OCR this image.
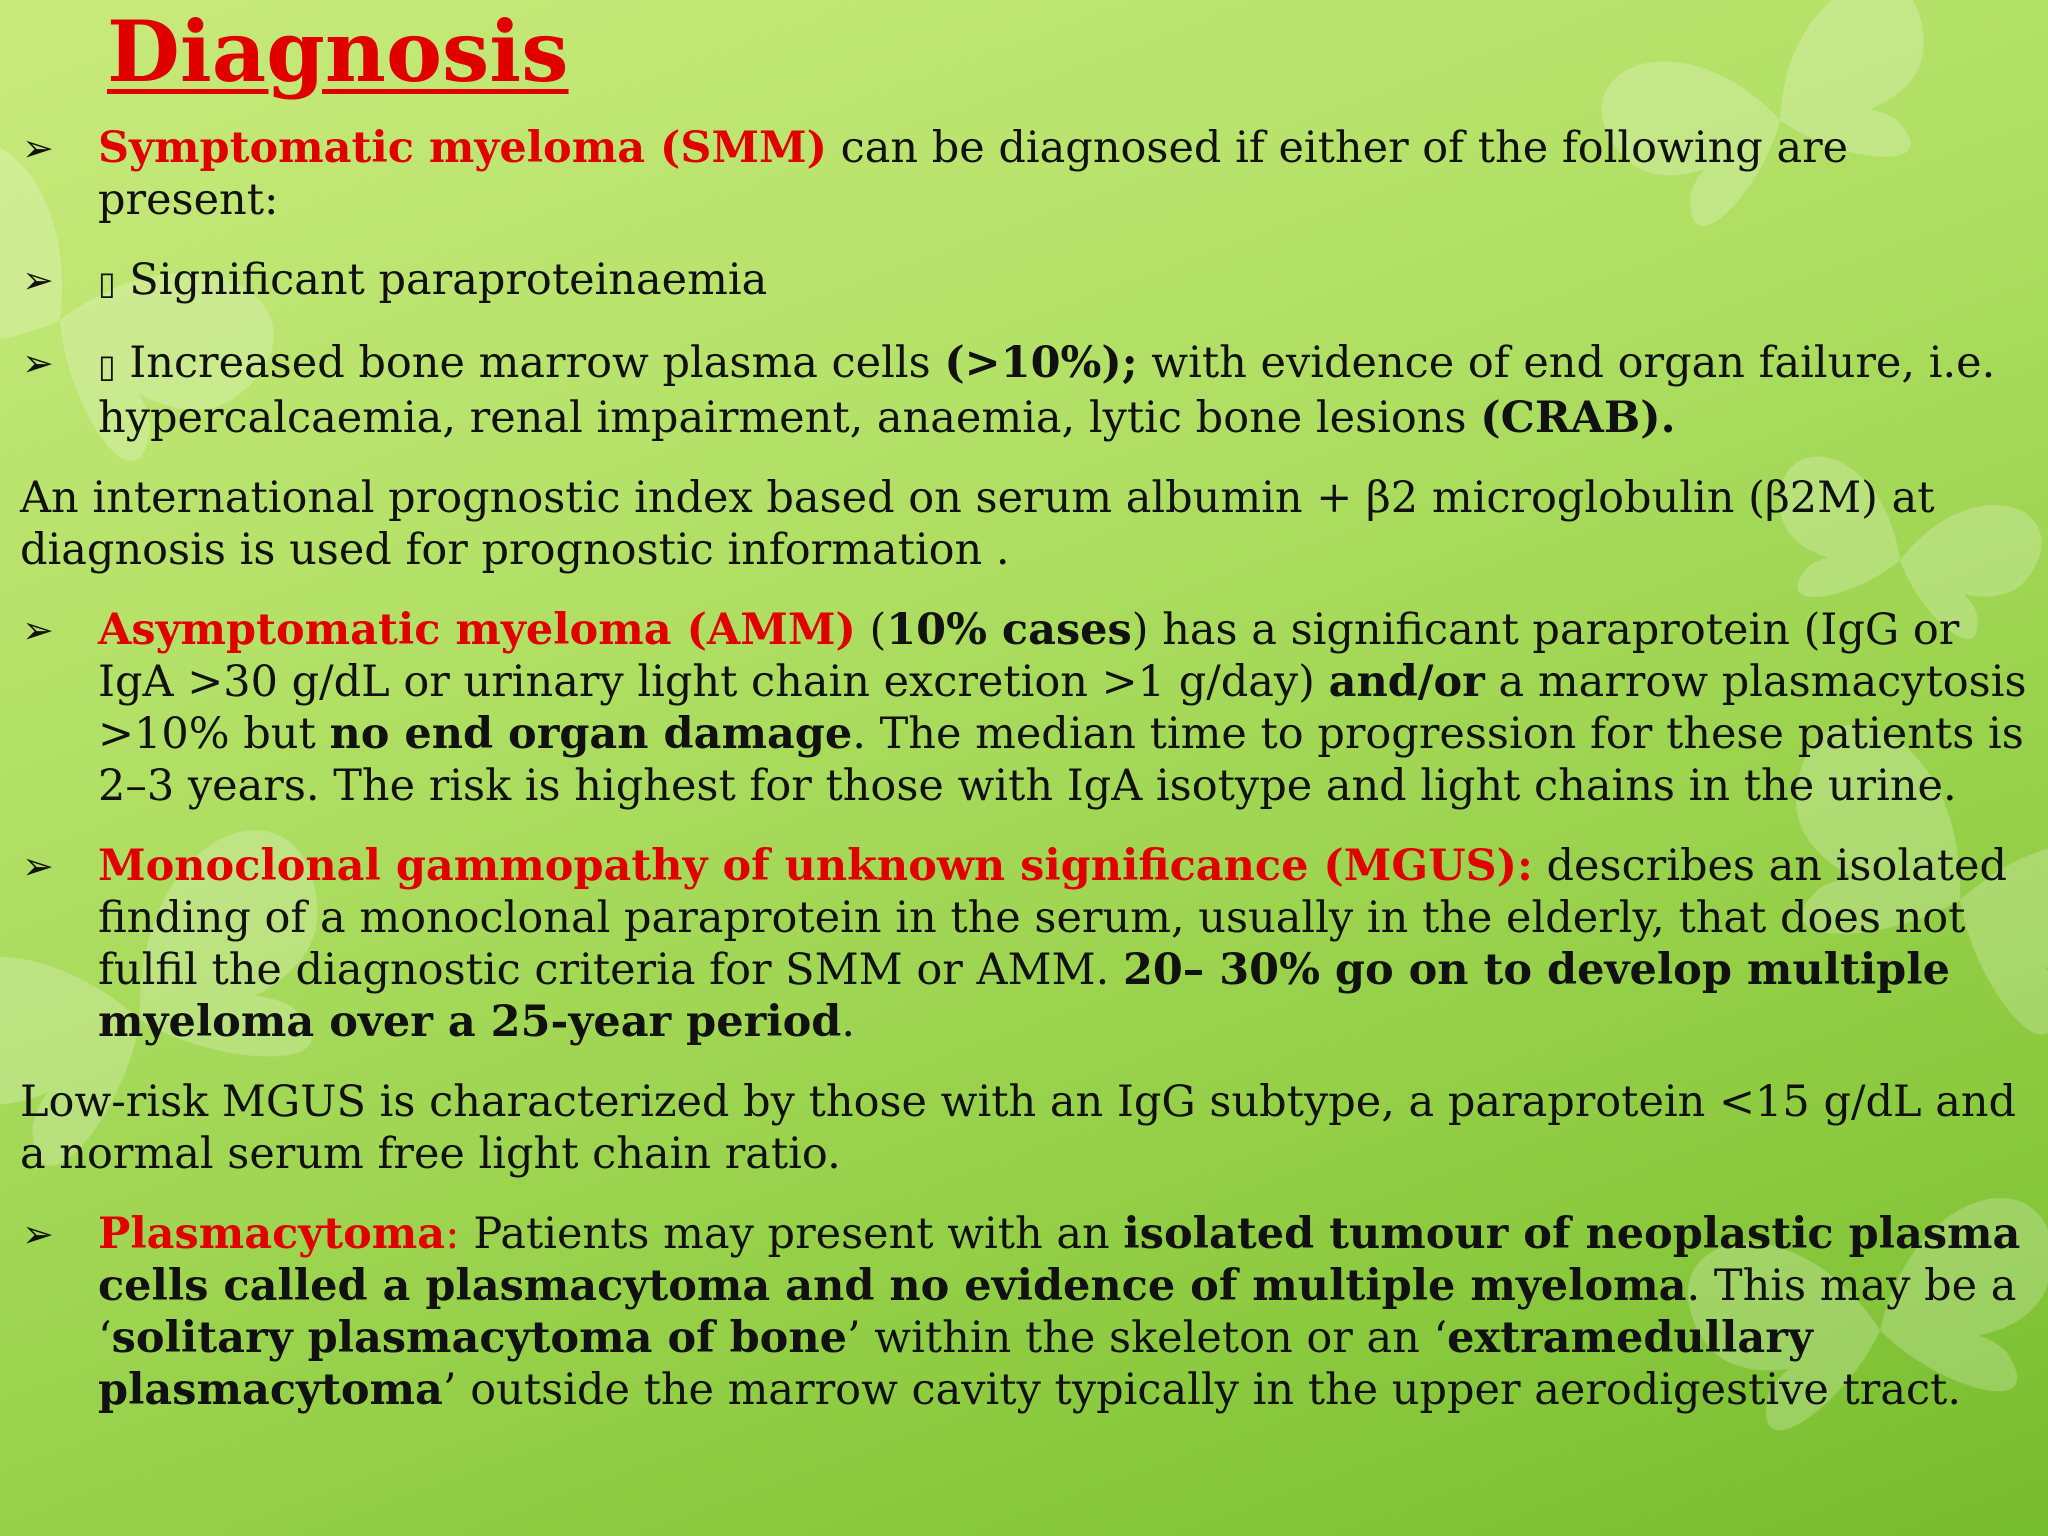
Diagnosis
➢ Symptomatic myeloma (SMM) can be diagnosed if either of the following are present:
➢ ▯ Significant paraproteinaemia
➢ ▯ Increased bone marrow plasma cells (>10%); with evidence of end organ failure, i.e. hypercalcaemia, renal impairment, anaemia, lytic bone lesions (CRAB).

An international prognostic index based on serum albumin + β2 microglobulin (β2M) at diagnosis is used for prognostic information .

➢ Asymptomatic myeloma (AMM) (10% cases) has a significant paraprotein (IgG or IgA >30 g/dL or urinary light chain excretion >1 g/day) and/or a marrow plasmacytosis >10% but no end organ damage. The median time to progression for these patients is 2–3 years. The risk is highest for those with IgA isotype and light chains in the urine.
➢ Monoclonal gammopathy of unknown significance (MGUS): describes an isolated finding of a monoclonal paraprotein in the serum, usually in the elderly, that does not fulfil the diagnostic criteria for SMM or AMM. 20– 30% go on to develop multiple myeloma over a 25-year period.

Low-risk MGUS is characterized by those with an IgG subtype, a paraprotein <15 g/dL and a normal serum free light chain ratio.

➢ Plasmacytoma: Patients may present with an isolated tumour of neoplastic plasma cells called a plasmacytoma and no evidence of multiple myeloma. This may be a ‘solitary plasmacytoma of bone’ within the skeleton or an ‘extramedullary plasmacytoma’ outside the marrow cavity typically in the upper aerodigestive tract.
